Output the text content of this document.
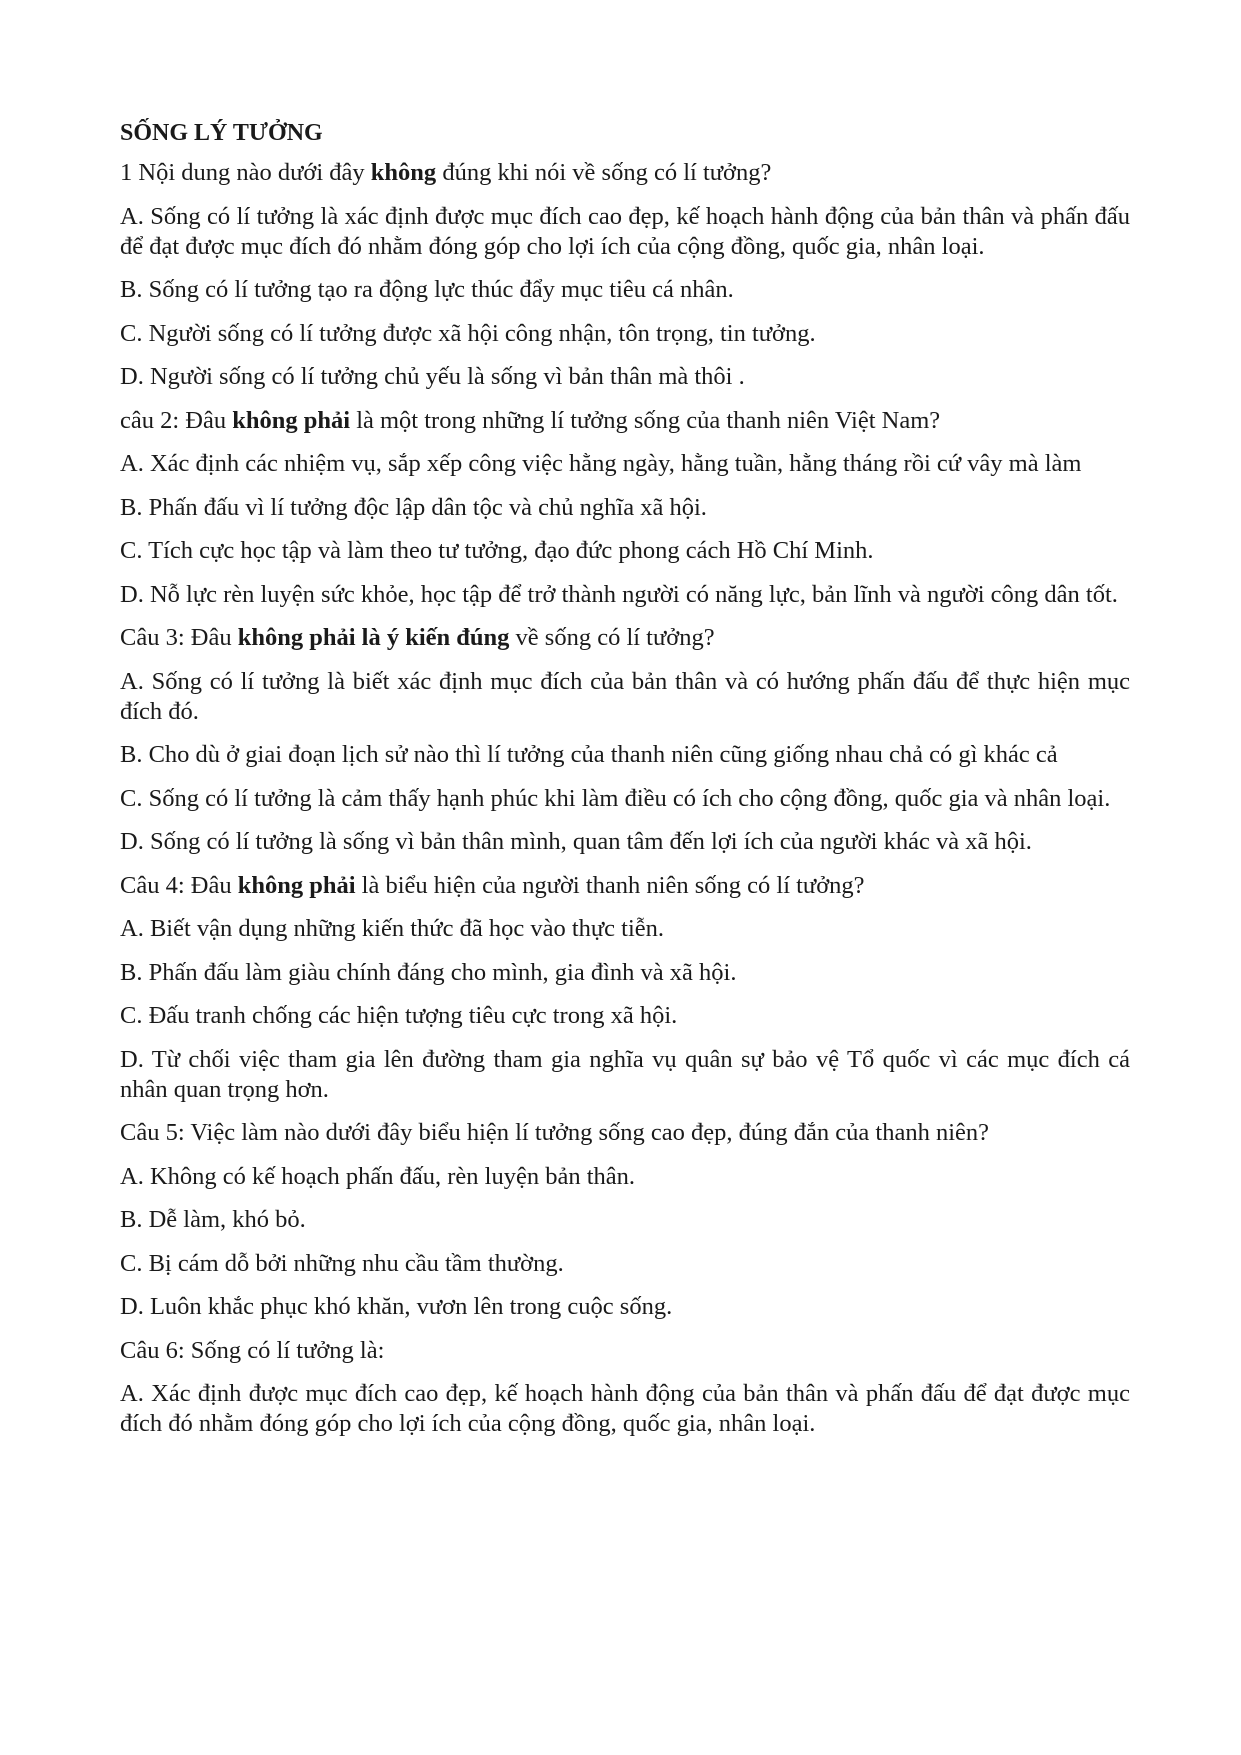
SỐNG LÝ TƯỞNG
1 Nội dung nào dưới đây không đúng khi nói về sống có lí tưởng?
A. Sống có lí tưởng là xác định được mục đích cao đẹp, kế hoạch hành động của bản thân và phấn đấu để đạt được mục đích đó nhằm đóng góp cho lợi ích của cộng đồng, quốc gia, nhân loại.
B. Sống có lí tưởng tạo ra động lực thúc đẩy mục tiêu cá nhân.
C. Người sống có lí tưởng được xã hội công nhận, tôn trọng, tin tưởng.
D. Người sống có lí tưởng chủ yếu là sống vì bản thân mà thôi .
câu 2: Đâu không phải là một trong những lí tưởng sống của thanh niên Việt Nam?
A. Xác định các nhiệm vụ, sắp xếp công việc hằng ngày, hằng tuần, hằng tháng rồi cứ vây mà làm
B. Phấn đấu vì lí tưởng độc lập dân tộc và chủ nghĩa xã hội.
C. Tích cực học tập và làm theo tư tưởng, đạo đức phong cách Hồ Chí Minh.
D. Nỗ lực rèn luyện sức khỏe, học tập để trở thành người có năng lực, bản lĩnh và người công dân tốt.
Câu 3: Đâu không phải là ý kiến đúng về sống có lí tưởng?
A. Sống có lí tưởng là biết xác định mục đích của bản thân và có hướng phấn đấu để thực hiện mục đích đó.
B. Cho dù ở giai đoạn lịch sử nào thì lí tưởng của thanh niên cũng giống nhau chả có gì khác cả
C. Sống có lí tưởng là cảm thấy hạnh phúc khi làm điều có ích cho cộng đồng, quốc gia và nhân loại.
D. Sống có lí tưởng là sống vì bản thân mình, quan tâm đến lợi ích của người khác và xã hội.
Câu 4: Đâu không phải là biểu hiện của người thanh niên sống có lí tưởng?
A. Biết vận dụng những kiến thức đã học vào thực tiễn.
B. Phấn đấu làm giàu chính đáng cho mình, gia đình và xã hội.
C. Đấu tranh chống các hiện tượng tiêu cực trong xã hội.
D. Từ chối việc tham gia lên đường tham gia nghĩa vụ quân sự bảo vệ Tổ quốc vì các mục đích cá nhân quan trọng hơn.
Câu 5: Việc làm nào dưới đây biểu hiện lí tưởng sống cao đẹp, đúng đắn của thanh niên?
A. Không có kế hoạch phấn đấu, rèn luyện bản thân.
B. Dễ làm, khó bỏ.
C. Bị cám dỗ bởi những nhu cầu tầm thường.
D. Luôn khắc phục khó khăn, vươn lên trong cuộc sống.
Câu 6: Sống có lí tưởng là:
A. Xác định được mục đích cao đẹp, kế hoạch hành động của bản thân và phấn đấu để đạt được mục đích đó nhằm đóng góp cho lợi ích của cộng đồng, quốc gia, nhân loại.
